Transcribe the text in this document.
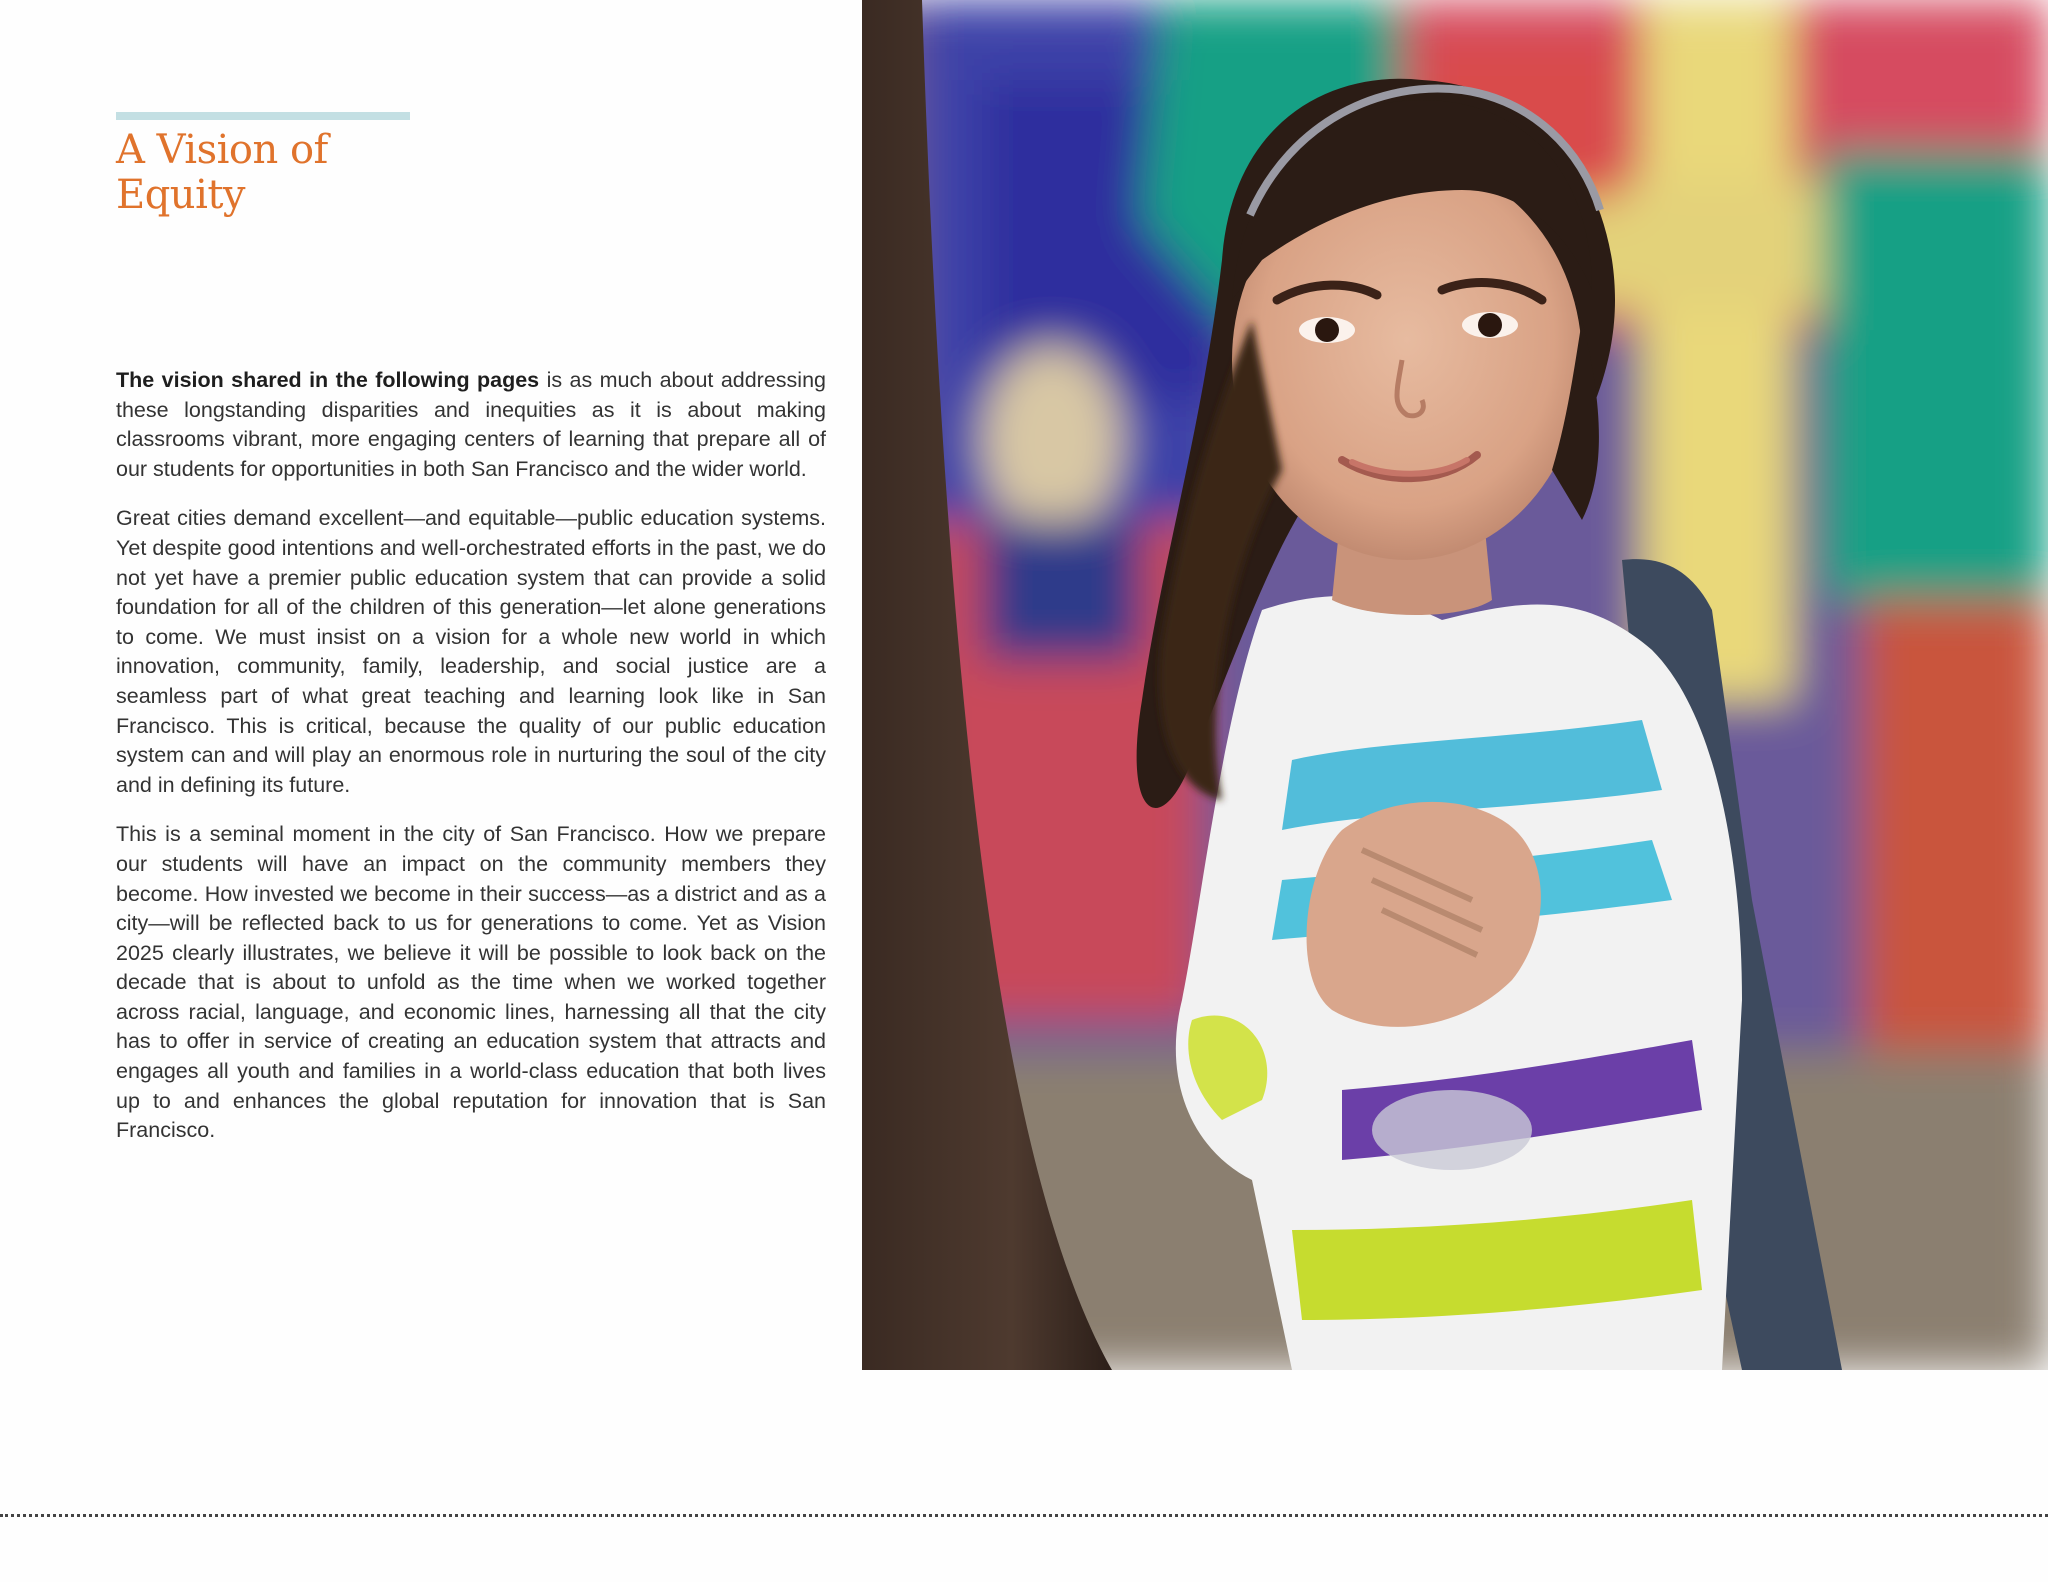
A Vision of
Equity

The vision shared in the following pages is as much about addressing these longstanding disparities and inequities as it is about making classrooms vibrant, more engaging centers of learning that prepare all of our students for opportunities in both San Francisco and the wider world.

Great cities demand excellent—and equitable—public education systems. Yet despite good intentions and well-orchestrated efforts in the past, we do not yet have a premier public education system that can provide a solid foundation for all of the children of this generation—let alone generations to come. We must insist on a vision for a whole new world in which innovation, community, family, leadership, and social justice are a seamless part of what great teaching and learning look like in San Francisco. This is critical, because the quality of our public education system can and will play an enormous role in nurturing the soul of the city and in defining its future.

This is a seminal moment in the city of San Francisco. How we prepare our students will have an impact on the community members they become. How invested we become in their success—as a district and as a city—will be reflected back to us for generations to come. Yet as Vision 2025 clearly illustrates, we believe it will be possible to look back on the decade that is about to unfold as the time when we worked together across racial, language, and economic lines, harnessing all that the city has to offer in service of creating an education system that attracts and engages all youth and families in a world-class education that both lives up to and enhances the global reputation for innovation that is San Francisco.
